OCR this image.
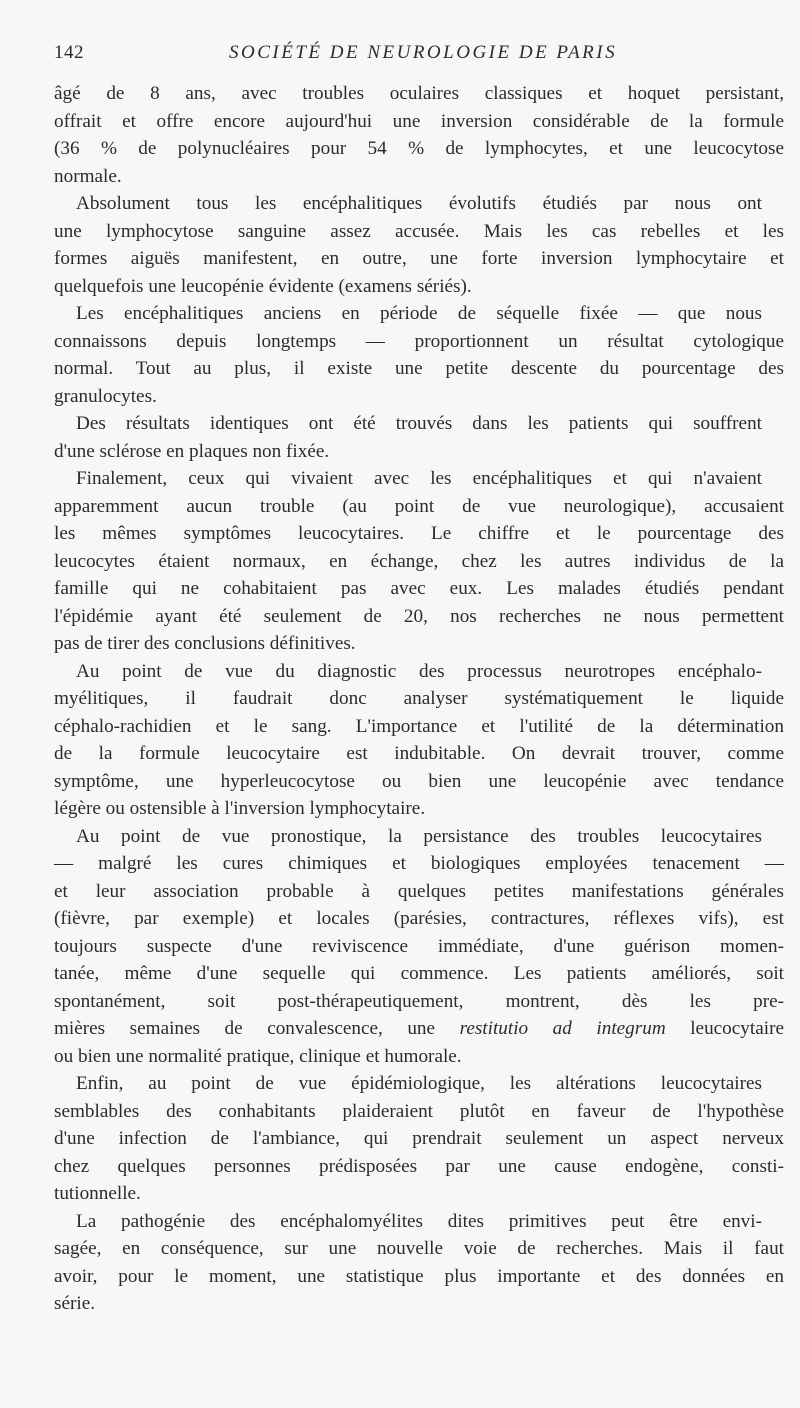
142	SOCIÉTÉ DE NEUROLOGIE DE PARIS
âgé de 8 ans, avec troubles oculaires classiques et hoquet persistant,
offrait et offre encore aujourd'hui une inversion considérable de la formule
(36 % de polynucléaires pour 54 % de lymphocytes, et une leucocytose
normale.
Absolument tous les encéphalitiques évolutifs étudiés par nous ont
une lymphocytose sanguine assez accusée. Mais les cas rebelles et les
formes aiguës manifestent, en outre, une forte inversion lymphocytaire et
quelquefois une leucopénie évidente (examens sériés).
Les encéphalitiques anciens en période de séquelle fixée — que nous
connaissons depuis longtemps — proportionnent un résultat cytologique
normal. Tout au plus, il existe une petite descente du pourcentage des
granulocytes.
Des résultats identiques ont été trouvés dans les patients qui souffrent
d'une sclérose en plaques non fixée.
Finalement, ceux qui vivaient avec les encéphalitiques et qui n'avaient
apparemment aucun trouble (au point de vue neurologique), accusaient
les mêmes symptômes leucocytaires. Le chiffre et le pourcentage des
leucocytes étaient normaux, en échange, chez les autres individus de la
famille qui ne cohabitaient pas avec eux. Les malades étudiés pendant
l'épidémie ayant été seulement de 20, nos recherches ne nous permettent
pas de tirer des conclusions définitives.
Au point de vue du diagnostic des processus neurotropes encéphalo-
myélitiques, il faudrait donc analyser systématiquement le liquide
céphalo-rachidien et le sang. L'importance et l'utilité de la détermination
de la formule leucocytaire est indubitable. On devrait trouver, comme
symptôme, une hyperleucocytose ou bien une leucopénie avec tendance
légère ou ostensible à l'inversion lymphocytaire.
Au point de vue pronostique, la persistance des troubles leucocytaires
— malgré les cures chimiques et biologiques employées tenacement —
et leur association probable à quelques petites manifestations générales
(fièvre, par exemple) et locales (parésies, contractures, réflexes vifs), est
toujours suspecte d'une reviviscence immédiate, d'une guérison momen-
tanée, même d'une sequelle qui commence. Les patients améliorés, soit
spontanément, soit post-thérapeutiquement, montrent, dès les pre-
mières semaines de convalescence, une restitutio ad integrum leucocytaire
ou bien une normalité pratique, clinique et humorale.
Enfin, au point de vue épidémiologique, les altérations leucocytaires
semblables des conhabitants plaideraient plutôt en faveur de l'hypothèse
d'une infection de l'ambiance, qui prendrait seulement un aspect nerveux
chez quelques personnes prédisposées par une cause endogène, consti-
tutionnelle.
La pathogénie des encéphalomyélites dites primitives peut être envi-
sagée, en conséquence, sur une nouvelle voie de recherches. Mais il faut
avoir, pour le moment, une statistique plus importante et des données en
série.
